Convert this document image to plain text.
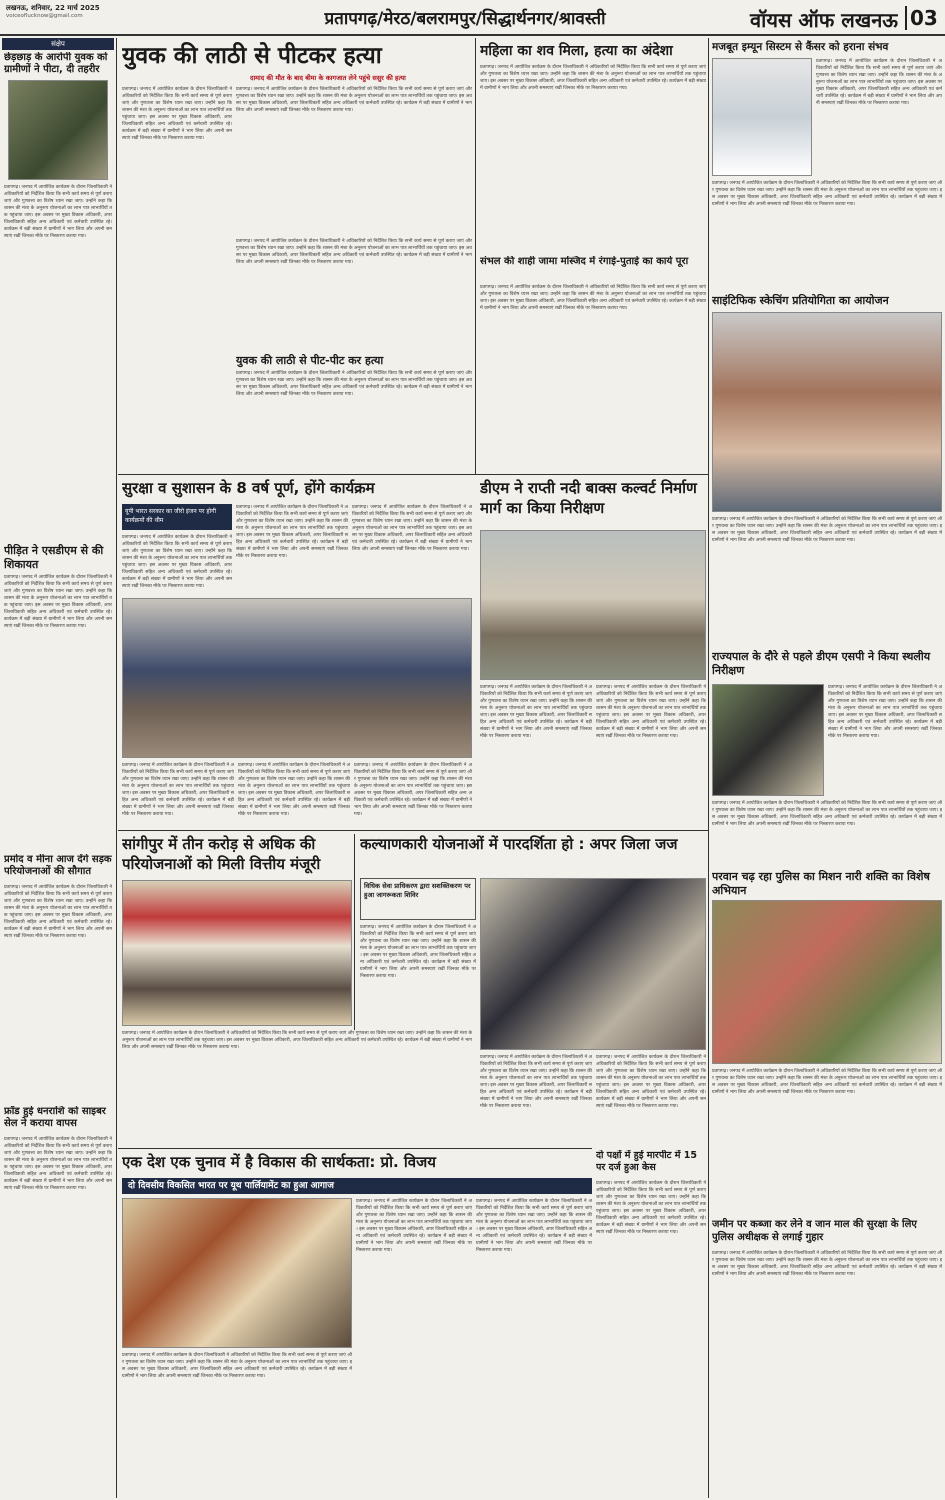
लखनऊ, शनिवार, 22 मार्च 2025
voiceoflucknow@gmail.com	प्रतापगढ़/मेरठ/बलरामपुर/सिद्धार्थनगर/श्रावस्ती	वॉयस ऑफ लखनऊ 03
संक्षेप
छेड़छाड़ के आरोपी युवक को ग्रामीणों ने पीटा, दी तहरीर
प्रतापगढ़। जनपद में आयोजित कार्यक्रम के दौरान जिलाधिकारी ने अधिकारियों को निर्देशित किया कि सभी कार्य समय से पूर्ण कराए जाएं और गुणवत्ता का विशेष ध्यान रखा जाए। उन्होंने कहा कि शासन की मंशा के अनुरूप योजनाओं का लाभ पात्र लाभार्थियों तक पहुंचाया जाए। इस अवसर पर मुख्य विकास अधिकारी, अपर जिलाधिकारी सहित अन्य अधिकारी एवं कर्मचारी उपस्थित रहे। कार्यक्रम में बड़ी संख्या में ग्रामीणों ने भाग लिया और अपनी समस्याएं रखीं जिनका मौके पर निस्तारण कराया गया।
पीड़ित ने एसडीएम से की शिकायत
प्रतापगढ़। जनपद में आयोजित कार्यक्रम के दौरान जिलाधिकारी ने अधिकारियों को निर्देशित किया कि सभी कार्य समय से पूर्ण कराए जाएं और गुणवत्ता का विशेष ध्यान रखा जाए। उन्होंने कहा कि शासन की मंशा के अनुरूप योजनाओं का लाभ पात्र लाभार्थियों तक पहुंचाया जाए। इस अवसर पर मुख्य विकास अधिकारी, अपर जिलाधिकारी सहित अन्य अधिकारी एवं कर्मचारी उपस्थित रहे। कार्यक्रम में बड़ी संख्या में ग्रामीणों ने भाग लिया और अपनी समस्याएं रखीं जिनका मौके पर निस्तारण कराया गया।
प्रमोद व मीना आज देंगे सड़क परियोजनाओं की सौगात
प्रतापगढ़। जनपद में आयोजित कार्यक्रम के दौरान जिलाधिकारी ने अधिकारियों को निर्देशित किया कि सभी कार्य समय से पूर्ण कराए जाएं और गुणवत्ता का विशेष ध्यान रखा जाए। उन्होंने कहा कि शासन की मंशा के अनुरूप योजनाओं का लाभ पात्र लाभार्थियों तक पहुंचाया जाए। इस अवसर पर मुख्य विकास अधिकारी, अपर जिलाधिकारी सहित अन्य अधिकारी एवं कर्मचारी उपस्थित रहे। कार्यक्रम में बड़ी संख्या में ग्रामीणों ने भाग लिया और अपनी समस्याएं रखीं जिनका मौके पर निस्तारण कराया गया।
फ्रॉड हुई धनराशि को साइबर सेल ने कराया वापस
प्रतापगढ़। जनपद में आयोजित कार्यक्रम के दौरान जिलाधिकारी ने अधिकारियों को निर्देशित किया कि सभी कार्य समय से पूर्ण कराए जाएं और गुणवत्ता का विशेष ध्यान रखा जाए। उन्होंने कहा कि शासन की मंशा के अनुरूप योजनाओं का लाभ पात्र लाभार्थियों तक पहुंचाया जाए। इस अवसर पर मुख्य विकास अधिकारी, अपर जिलाधिकारी सहित अन्य अधिकारी एवं कर्मचारी उपस्थित रहे। कार्यक्रम में बड़ी संख्या में ग्रामीणों ने भाग लिया और अपनी समस्याएं रखीं जिनका मौके पर निस्तारण कराया गया।
युवक की लाठी से पीटकर हत्या
दामाद की मौत के बाद बीमा के कागजात लेने पहुंचे ससुर की हत्या
प्रतापगढ़। जनपद में आयोजित कार्यक्रम के दौरान जिलाधिकारी ने अधिकारियों को निर्देशित किया कि सभी कार्य समय से पूर्ण कराए जाएं और गुणवत्ता का विशेष ध्यान रखा जाए। उन्होंने कहा कि शासन की मंशा के अनुरूप योजनाओं का लाभ पात्र लाभार्थियों तक पहुंचाया जाए। इस अवसर पर मुख्य विकास अधिकारी, अपर जिलाधिकारी सहित अन्य अधिकारी एवं कर्मचारी उपस्थित रहे। कार्यक्रम में बड़ी संख्या में ग्रामीणों ने भाग लिया और अपनी समस्याएं रखीं जिनका मौके पर निस्तारण कराया गया।
प्रतापगढ़। जनपद में आयोजित कार्यक्रम के दौरान जिलाधिकारी ने अधिकारियों को निर्देशित किया कि सभी कार्य समय से पूर्ण कराए जाएं और गुणवत्ता का विशेष ध्यान रखा जाए। उन्होंने कहा कि शासन की मंशा के अनुरूप योजनाओं का लाभ पात्र लाभार्थियों तक पहुंचाया जाए। इस अवसर पर मुख्य विकास अधिकारी, अपर जिलाधिकारी सहित अन्य अधिकारी एवं कर्मचारी उपस्थित रहे। कार्यक्रम में बड़ी संख्या में ग्रामीणों ने भाग लिया और अपनी समस्याएं रखीं जिनका मौके पर निस्तारण कराया गया।
प्रतापगढ़। जनपद में आयोजित कार्यक्रम के दौरान जिलाधिकारी ने अधिकारियों को निर्देशित किया कि सभी कार्य समय से पूर्ण कराए जाएं और गुणवत्ता का विशेष ध्यान रखा जाए। उन्होंने कहा कि शासन की मंशा के अनुरूप योजनाओं का लाभ पात्र लाभार्थियों तक पहुंचाया जाए। इस अवसर पर मुख्य विकास अधिकारी, अपर जिलाधिकारी सहित अन्य अधिकारी एवं कर्मचारी उपस्थित रहे। कार्यक्रम में बड़ी संख्या में ग्रामीणों ने भाग लिया और अपनी समस्याएं रखीं जिनका मौके पर निस्तारण कराया गया।
युवक की लाठी से पीट-पीट कर हत्या
प्रतापगढ़। जनपद में आयोजित कार्यक्रम के दौरान जिलाधिकारी ने अधिकारियों को निर्देशित किया कि सभी कार्य समय से पूर्ण कराए जाएं और गुणवत्ता का विशेष ध्यान रखा जाए। उन्होंने कहा कि शासन की मंशा के अनुरूप योजनाओं का लाभ पात्र लाभार्थियों तक पहुंचाया जाए। इस अवसर पर मुख्य विकास अधिकारी, अपर जिलाधिकारी सहित अन्य अधिकारी एवं कर्मचारी उपस्थित रहे। कार्यक्रम में बड़ी संख्या में ग्रामीणों ने भाग लिया और अपनी समस्याएं रखीं जिनका मौके पर निस्तारण कराया गया।
महिला का शव मिला, हत्या का अंदेशा
प्रतापगढ़। जनपद में आयोजित कार्यक्रम के दौरान जिलाधिकारी ने अधिकारियों को निर्देशित किया कि सभी कार्य समय से पूर्ण कराए जाएं और गुणवत्ता का विशेष ध्यान रखा जाए। उन्होंने कहा कि शासन की मंशा के अनुरूप योजनाओं का लाभ पात्र लाभार्थियों तक पहुंचाया जाए। इस अवसर पर मुख्य विकास अधिकारी, अपर जिलाधिकारी सहित अन्य अधिकारी एवं कर्मचारी उपस्थित रहे। कार्यक्रम में बड़ी संख्या में ग्रामीणों ने भाग लिया और अपनी समस्याएं रखीं जिनका मौके पर निस्तारण कराया गया।
संभल की शाही जामा मस्जिद में रंगाई-पुताई का कार्य पूरा
प्रतापगढ़। जनपद में आयोजित कार्यक्रम के दौरान जिलाधिकारी ने अधिकारियों को निर्देशित किया कि सभी कार्य समय से पूर्ण कराए जाएं और गुणवत्ता का विशेष ध्यान रखा जाए। उन्होंने कहा कि शासन की मंशा के अनुरूप योजनाओं का लाभ पात्र लाभार्थियों तक पहुंचाया जाए। इस अवसर पर मुख्य विकास अधिकारी, अपर जिलाधिकारी सहित अन्य अधिकारी एवं कर्मचारी उपस्थित रहे। कार्यक्रम में बड़ी संख्या में ग्रामीणों ने भाग लिया और अपनी समस्याएं रखीं जिनका मौके पर निस्तारण कराया गया।
मजबूत इम्यून सिस्टम से कैंसर को हराना संभव
प्रतापगढ़। जनपद में आयोजित कार्यक्रम के दौरान जिलाधिकारी ने अधिकारियों को निर्देशित किया कि सभी कार्य समय से पूर्ण कराए जाएं और गुणवत्ता का विशेष ध्यान रखा जाए। उन्होंने कहा कि शासन की मंशा के अनुरूप योजनाओं का लाभ पात्र लाभार्थियों तक पहुंचाया जाए। इस अवसर पर मुख्य विकास अधिकारी, अपर जिलाधिकारी सहित अन्य अधिकारी एवं कर्मचारी उपस्थित रहे। कार्यक्रम में बड़ी संख्या में ग्रामीणों ने भाग लिया और अपनी समस्याएं रखीं जिनका मौके पर निस्तारण कराया गया।
प्रतापगढ़। जनपद में आयोजित कार्यक्रम के दौरान जिलाधिकारी ने अधिकारियों को निर्देशित किया कि सभी कार्य समय से पूर्ण कराए जाएं और गुणवत्ता का विशेष ध्यान रखा जाए। उन्होंने कहा कि शासन की मंशा के अनुरूप योजनाओं का लाभ पात्र लाभार्थियों तक पहुंचाया जाए। इस अवसर पर मुख्य विकास अधिकारी, अपर जिलाधिकारी सहित अन्य अधिकारी एवं कर्मचारी उपस्थित रहे। कार्यक्रम में बड़ी संख्या में ग्रामीणों ने भाग लिया और अपनी समस्याएं रखीं जिनका मौके पर निस्तारण कराया गया।
साइंटिफिक स्केचिंग प्रतियोगिता का आयोजन
प्रतापगढ़। जनपद में आयोजित कार्यक्रम के दौरान जिलाधिकारी ने अधिकारियों को निर्देशित किया कि सभी कार्य समय से पूर्ण कराए जाएं और गुणवत्ता का विशेष ध्यान रखा जाए। उन्होंने कहा कि शासन की मंशा के अनुरूप योजनाओं का लाभ पात्र लाभार्थियों तक पहुंचाया जाए। इस अवसर पर मुख्य विकास अधिकारी, अपर जिलाधिकारी सहित अन्य अधिकारी एवं कर्मचारी उपस्थित रहे। कार्यक्रम में बड़ी संख्या में ग्रामीणों ने भाग लिया और अपनी समस्याएं रखीं जिनका मौके पर निस्तारण कराया गया।
राज्यपाल के दौरे से पहले डीएम एसपी ने किया स्थलीय निरीक्षण
प्रतापगढ़। जनपद में आयोजित कार्यक्रम के दौरान जिलाधिकारी ने अधिकारियों को निर्देशित किया कि सभी कार्य समय से पूर्ण कराए जाएं और गुणवत्ता का विशेष ध्यान रखा जाए। उन्होंने कहा कि शासन की मंशा के अनुरूप योजनाओं का लाभ पात्र लाभार्थियों तक पहुंचाया जाए। इस अवसर पर मुख्य विकास अधिकारी, अपर जिलाधिकारी सहित अन्य अधिकारी एवं कर्मचारी उपस्थित रहे। कार्यक्रम में बड़ी संख्या में ग्रामीणों ने भाग लिया और अपनी समस्याएं रखीं जिनका मौके पर निस्तारण कराया गया।
प्रतापगढ़। जनपद में आयोजित कार्यक्रम के दौरान जिलाधिकारी ने अधिकारियों को निर्देशित किया कि सभी कार्य समय से पूर्ण कराए जाएं और गुणवत्ता का विशेष ध्यान रखा जाए। उन्होंने कहा कि शासन की मंशा के अनुरूप योजनाओं का लाभ पात्र लाभार्थियों तक पहुंचाया जाए। इस अवसर पर मुख्य विकास अधिकारी, अपर जिलाधिकारी सहित अन्य अधिकारी एवं कर्मचारी उपस्थित रहे। कार्यक्रम में बड़ी संख्या में ग्रामीणों ने भाग लिया और अपनी समस्याएं रखीं जिनका मौके पर निस्तारण कराया गया।
परवान चढ़ रहा पुलिस का मिशन नारी शक्ति का विशेष अभियान
प्रतापगढ़। जनपद में आयोजित कार्यक्रम के दौरान जिलाधिकारी ने अधिकारियों को निर्देशित किया कि सभी कार्य समय से पूर्ण कराए जाएं और गुणवत्ता का विशेष ध्यान रखा जाए। उन्होंने कहा कि शासन की मंशा के अनुरूप योजनाओं का लाभ पात्र लाभार्थियों तक पहुंचाया जाए। इस अवसर पर मुख्य विकास अधिकारी, अपर जिलाधिकारी सहित अन्य अधिकारी एवं कर्मचारी उपस्थित रहे। कार्यक्रम में बड़ी संख्या में ग्रामीणों ने भाग लिया और अपनी समस्याएं रखीं जिनका मौके पर निस्तारण कराया गया।
जमीन पर कब्जा कर लेने व जान माल की सुरक्षा के लिए पुलिस अधीक्षक से लगाई गुहार
प्रतापगढ़। जनपद में आयोजित कार्यक्रम के दौरान जिलाधिकारी ने अधिकारियों को निर्देशित किया कि सभी कार्य समय से पूर्ण कराए जाएं और गुणवत्ता का विशेष ध्यान रखा जाए। उन्होंने कहा कि शासन की मंशा के अनुरूप योजनाओं का लाभ पात्र लाभार्थियों तक पहुंचाया जाए। इस अवसर पर मुख्य विकास अधिकारी, अपर जिलाधिकारी सहित अन्य अधिकारी एवं कर्मचारी उपस्थित रहे। कार्यक्रम में बड़ी संख्या में ग्रामीणों ने भाग लिया और अपनी समस्याएं रखीं जिनका मौके पर निस्तारण कराया गया।
सुरक्षा व सुशासन के 8 वर्ष पूर्ण, होंगे कार्यक्रम
यूपी भारत सरकार का जीरो इंजन पर होगी कार्यक्रमों की थीम
प्रतापगढ़। जनपद में आयोजित कार्यक्रम के दौरान जिलाधिकारी ने अधिकारियों को निर्देशित किया कि सभी कार्य समय से पूर्ण कराए जाएं और गुणवत्ता का विशेष ध्यान रखा जाए। उन्होंने कहा कि शासन की मंशा के अनुरूप योजनाओं का लाभ पात्र लाभार्थियों तक पहुंचाया जाए। इस अवसर पर मुख्य विकास अधिकारी, अपर जिलाधिकारी सहित अन्य अधिकारी एवं कर्मचारी उपस्थित रहे। कार्यक्रम में बड़ी संख्या में ग्रामीणों ने भाग लिया और अपनी समस्याएं रखीं जिनका मौके पर निस्तारण कराया गया।
प्रतापगढ़। जनपद में आयोजित कार्यक्रम के दौरान जिलाधिकारी ने अधिकारियों को निर्देशित किया कि सभी कार्य समय से पूर्ण कराए जाएं और गुणवत्ता का विशेष ध्यान रखा जाए। उन्होंने कहा कि शासन की मंशा के अनुरूप योजनाओं का लाभ पात्र लाभार्थियों तक पहुंचाया जाए। इस अवसर पर मुख्य विकास अधिकारी, अपर जिलाधिकारी सहित अन्य अधिकारी एवं कर्मचारी उपस्थित रहे। कार्यक्रम में बड़ी संख्या में ग्रामीणों ने भाग लिया और अपनी समस्याएं रखीं जिनका मौके पर निस्तारण कराया गया।
प्रतापगढ़। जनपद में आयोजित कार्यक्रम के दौरान जिलाधिकारी ने अधिकारियों को निर्देशित किया कि सभी कार्य समय से पूर्ण कराए जाएं और गुणवत्ता का विशेष ध्यान रखा जाए। उन्होंने कहा कि शासन की मंशा के अनुरूप योजनाओं का लाभ पात्र लाभार्थियों तक पहुंचाया जाए। इस अवसर पर मुख्य विकास अधिकारी, अपर जिलाधिकारी सहित अन्य अधिकारी एवं कर्मचारी उपस्थित रहे। कार्यक्रम में बड़ी संख्या में ग्रामीणों ने भाग लिया और अपनी समस्याएं रखीं जिनका मौके पर निस्तारण कराया गया।
प्रतापगढ़। जनपद में आयोजित कार्यक्रम के दौरान जिलाधिकारी ने अधिकारियों को निर्देशित किया कि सभी कार्य समय से पूर्ण कराए जाएं और गुणवत्ता का विशेष ध्यान रखा जाए। उन्होंने कहा कि शासन की मंशा के अनुरूप योजनाओं का लाभ पात्र लाभार्थियों तक पहुंचाया जाए। इस अवसर पर मुख्य विकास अधिकारी, अपर जिलाधिकारी सहित अन्य अधिकारी एवं कर्मचारी उपस्थित रहे। कार्यक्रम में बड़ी संख्या में ग्रामीणों ने भाग लिया और अपनी समस्याएं रखीं जिनका मौके पर निस्तारण कराया गया।
प्रतापगढ़। जनपद में आयोजित कार्यक्रम के दौरान जिलाधिकारी ने अधिकारियों को निर्देशित किया कि सभी कार्य समय से पूर्ण कराए जाएं और गुणवत्ता का विशेष ध्यान रखा जाए। उन्होंने कहा कि शासन की मंशा के अनुरूप योजनाओं का लाभ पात्र लाभार्थियों तक पहुंचाया जाए। इस अवसर पर मुख्य विकास अधिकारी, अपर जिलाधिकारी सहित अन्य अधिकारी एवं कर्मचारी उपस्थित रहे। कार्यक्रम में बड़ी संख्या में ग्रामीणों ने भाग लिया और अपनी समस्याएं रखीं जिनका मौके पर निस्तारण कराया गया।
प्रतापगढ़। जनपद में आयोजित कार्यक्रम के दौरान जिलाधिकारी ने अधिकारियों को निर्देशित किया कि सभी कार्य समय से पूर्ण कराए जाएं और गुणवत्ता का विशेष ध्यान रखा जाए। उन्होंने कहा कि शासन की मंशा के अनुरूप योजनाओं का लाभ पात्र लाभार्थियों तक पहुंचाया जाए। इस अवसर पर मुख्य विकास अधिकारी, अपर जिलाधिकारी सहित अन्य अधिकारी एवं कर्मचारी उपस्थित रहे। कार्यक्रम में बड़ी संख्या में ग्रामीणों ने भाग लिया और अपनी समस्याएं रखीं जिनका मौके पर निस्तारण कराया गया।
डीएम ने राप्ती नदी बाक्स कल्वर्ट निर्माण मार्ग का किया निरीक्षण
प्रतापगढ़। जनपद में आयोजित कार्यक्रम के दौरान जिलाधिकारी ने अधिकारियों को निर्देशित किया कि सभी कार्य समय से पूर्ण कराए जाएं और गुणवत्ता का विशेष ध्यान रखा जाए। उन्होंने कहा कि शासन की मंशा के अनुरूप योजनाओं का लाभ पात्र लाभार्थियों तक पहुंचाया जाए। इस अवसर पर मुख्य विकास अधिकारी, अपर जिलाधिकारी सहित अन्य अधिकारी एवं कर्मचारी उपस्थित रहे। कार्यक्रम में बड़ी संख्या में ग्रामीणों ने भाग लिया और अपनी समस्याएं रखीं जिनका मौके पर निस्तारण कराया गया।
प्रतापगढ़। जनपद में आयोजित कार्यक्रम के दौरान जिलाधिकारी ने अधिकारियों को निर्देशित किया कि सभी कार्य समय से पूर्ण कराए जाएं और गुणवत्ता का विशेष ध्यान रखा जाए। उन्होंने कहा कि शासन की मंशा के अनुरूप योजनाओं का लाभ पात्र लाभार्थियों तक पहुंचाया जाए। इस अवसर पर मुख्य विकास अधिकारी, अपर जिलाधिकारी सहित अन्य अधिकारी एवं कर्मचारी उपस्थित रहे। कार्यक्रम में बड़ी संख्या में ग्रामीणों ने भाग लिया और अपनी समस्याएं रखीं जिनका मौके पर निस्तारण कराया गया।
सांगीपुर में तीन करोड़ से अधिक की परियोजनाओं को मिली वित्तीय मंजूरी
प्रतापगढ़। जनपद में आयोजित कार्यक्रम के दौरान जिलाधिकारी ने अधिकारियों को निर्देशित किया कि सभी कार्य समय से पूर्ण कराए जाएं और गुणवत्ता का विशेष ध्यान रखा जाए। उन्होंने कहा कि शासन की मंशा के अनुरूप योजनाओं का लाभ पात्र लाभार्थियों तक पहुंचाया जाए। इस अवसर पर मुख्य विकास अधिकारी, अपर जिलाधिकारी सहित अन्य अधिकारी एवं कर्मचारी उपस्थित रहे। कार्यक्रम में बड़ी संख्या में ग्रामीणों ने भाग लिया और अपनी समस्याएं रखीं जिनका मौके पर निस्तारण कराया गया।
कल्याणकारी योजनाओं में पारदर्शिता हो : अपर जिला जज
विधिक सेवा प्राधिकरण द्वारा सशक्तिकरण पर हुआ जागरूकता शिविर
प्रतापगढ़। जनपद में आयोजित कार्यक्रम के दौरान जिलाधिकारी ने अधिकारियों को निर्देशित किया कि सभी कार्य समय से पूर्ण कराए जाएं और गुणवत्ता का विशेष ध्यान रखा जाए। उन्होंने कहा कि शासन की मंशा के अनुरूप योजनाओं का लाभ पात्र लाभार्थियों तक पहुंचाया जाए। इस अवसर पर मुख्य विकास अधिकारी, अपर जिलाधिकारी सहित अन्य अधिकारी एवं कर्मचारी उपस्थित रहे। कार्यक्रम में बड़ी संख्या में ग्रामीणों ने भाग लिया और अपनी समस्याएं रखीं जिनका मौके पर निस्तारण कराया गया।
प्रतापगढ़। जनपद में आयोजित कार्यक्रम के दौरान जिलाधिकारी ने अधिकारियों को निर्देशित किया कि सभी कार्य समय से पूर्ण कराए जाएं और गुणवत्ता का विशेष ध्यान रखा जाए। उन्होंने कहा कि शासन की मंशा के अनुरूप योजनाओं का लाभ पात्र लाभार्थियों तक पहुंचाया जाए। इस अवसर पर मुख्य विकास अधिकारी, अपर जिलाधिकारी सहित अन्य अधिकारी एवं कर्मचारी उपस्थित रहे। कार्यक्रम में बड़ी संख्या में ग्रामीणों ने भाग लिया और अपनी समस्याएं रखीं जिनका मौके पर निस्तारण कराया गया।
प्रतापगढ़। जनपद में आयोजित कार्यक्रम के दौरान जिलाधिकारी ने अधिकारियों को निर्देशित किया कि सभी कार्य समय से पूर्ण कराए जाएं और गुणवत्ता का विशेष ध्यान रखा जाए। उन्होंने कहा कि शासन की मंशा के अनुरूप योजनाओं का लाभ पात्र लाभार्थियों तक पहुंचाया जाए। इस अवसर पर मुख्य विकास अधिकारी, अपर जिलाधिकारी सहित अन्य अधिकारी एवं कर्मचारी उपस्थित रहे। कार्यक्रम में बड़ी संख्या में ग्रामीणों ने भाग लिया और अपनी समस्याएं रखीं जिनका मौके पर निस्तारण कराया गया।
दो पक्षों में हुई मारपीट में 15 पर दर्ज हुआ केस
प्रतापगढ़। जनपद में आयोजित कार्यक्रम के दौरान जिलाधिकारी ने अधिकारियों को निर्देशित किया कि सभी कार्य समय से पूर्ण कराए जाएं और गुणवत्ता का विशेष ध्यान रखा जाए। उन्होंने कहा कि शासन की मंशा के अनुरूप योजनाओं का लाभ पात्र लाभार्थियों तक पहुंचाया जाए। इस अवसर पर मुख्य विकास अधिकारी, अपर जिलाधिकारी सहित अन्य अधिकारी एवं कर्मचारी उपस्थित रहे। कार्यक्रम में बड़ी संख्या में ग्रामीणों ने भाग लिया और अपनी समस्याएं रखीं जिनका मौके पर निस्तारण कराया गया।
एक देश एक चुनाव में है विकास की सार्थकता: प्रो. विजय
दो दिवसीय विकसित भारत पर यूथ पार्लियामेंट का हुआ आगाज
प्रतापगढ़। जनपद में आयोजित कार्यक्रम के दौरान जिलाधिकारी ने अधिकारियों को निर्देशित किया कि सभी कार्य समय से पूर्ण कराए जाएं और गुणवत्ता का विशेष ध्यान रखा जाए। उन्होंने कहा कि शासन की मंशा के अनुरूप योजनाओं का लाभ पात्र लाभार्थियों तक पहुंचाया जाए। इस अवसर पर मुख्य विकास अधिकारी, अपर जिलाधिकारी सहित अन्य अधिकारी एवं कर्मचारी उपस्थित रहे। कार्यक्रम में बड़ी संख्या में ग्रामीणों ने भाग लिया और अपनी समस्याएं रखीं जिनका मौके पर निस्तारण कराया गया।
प्रतापगढ़। जनपद में आयोजित कार्यक्रम के दौरान जिलाधिकारी ने अधिकारियों को निर्देशित किया कि सभी कार्य समय से पूर्ण कराए जाएं और गुणवत्ता का विशेष ध्यान रखा जाए। उन्होंने कहा कि शासन की मंशा के अनुरूप योजनाओं का लाभ पात्र लाभार्थियों तक पहुंचाया जाए। इस अवसर पर मुख्य विकास अधिकारी, अपर जिलाधिकारी सहित अन्य अधिकारी एवं कर्मचारी उपस्थित रहे। कार्यक्रम में बड़ी संख्या में ग्रामीणों ने भाग लिया और अपनी समस्याएं रखीं जिनका मौके पर निस्तारण कराया गया।
प्रतापगढ़। जनपद में आयोजित कार्यक्रम के दौरान जिलाधिकारी ने अधिकारियों को निर्देशित किया कि सभी कार्य समय से पूर्ण कराए जाएं और गुणवत्ता का विशेष ध्यान रखा जाए। उन्होंने कहा कि शासन की मंशा के अनुरूप योजनाओं का लाभ पात्र लाभार्थियों तक पहुंचाया जाए। इस अवसर पर मुख्य विकास अधिकारी, अपर जिलाधिकारी सहित अन्य अधिकारी एवं कर्मचारी उपस्थित रहे। कार्यक्रम में बड़ी संख्या में ग्रामीणों ने भाग लिया और अपनी समस्याएं रखीं जिनका मौके पर निस्तारण कराया गया।
